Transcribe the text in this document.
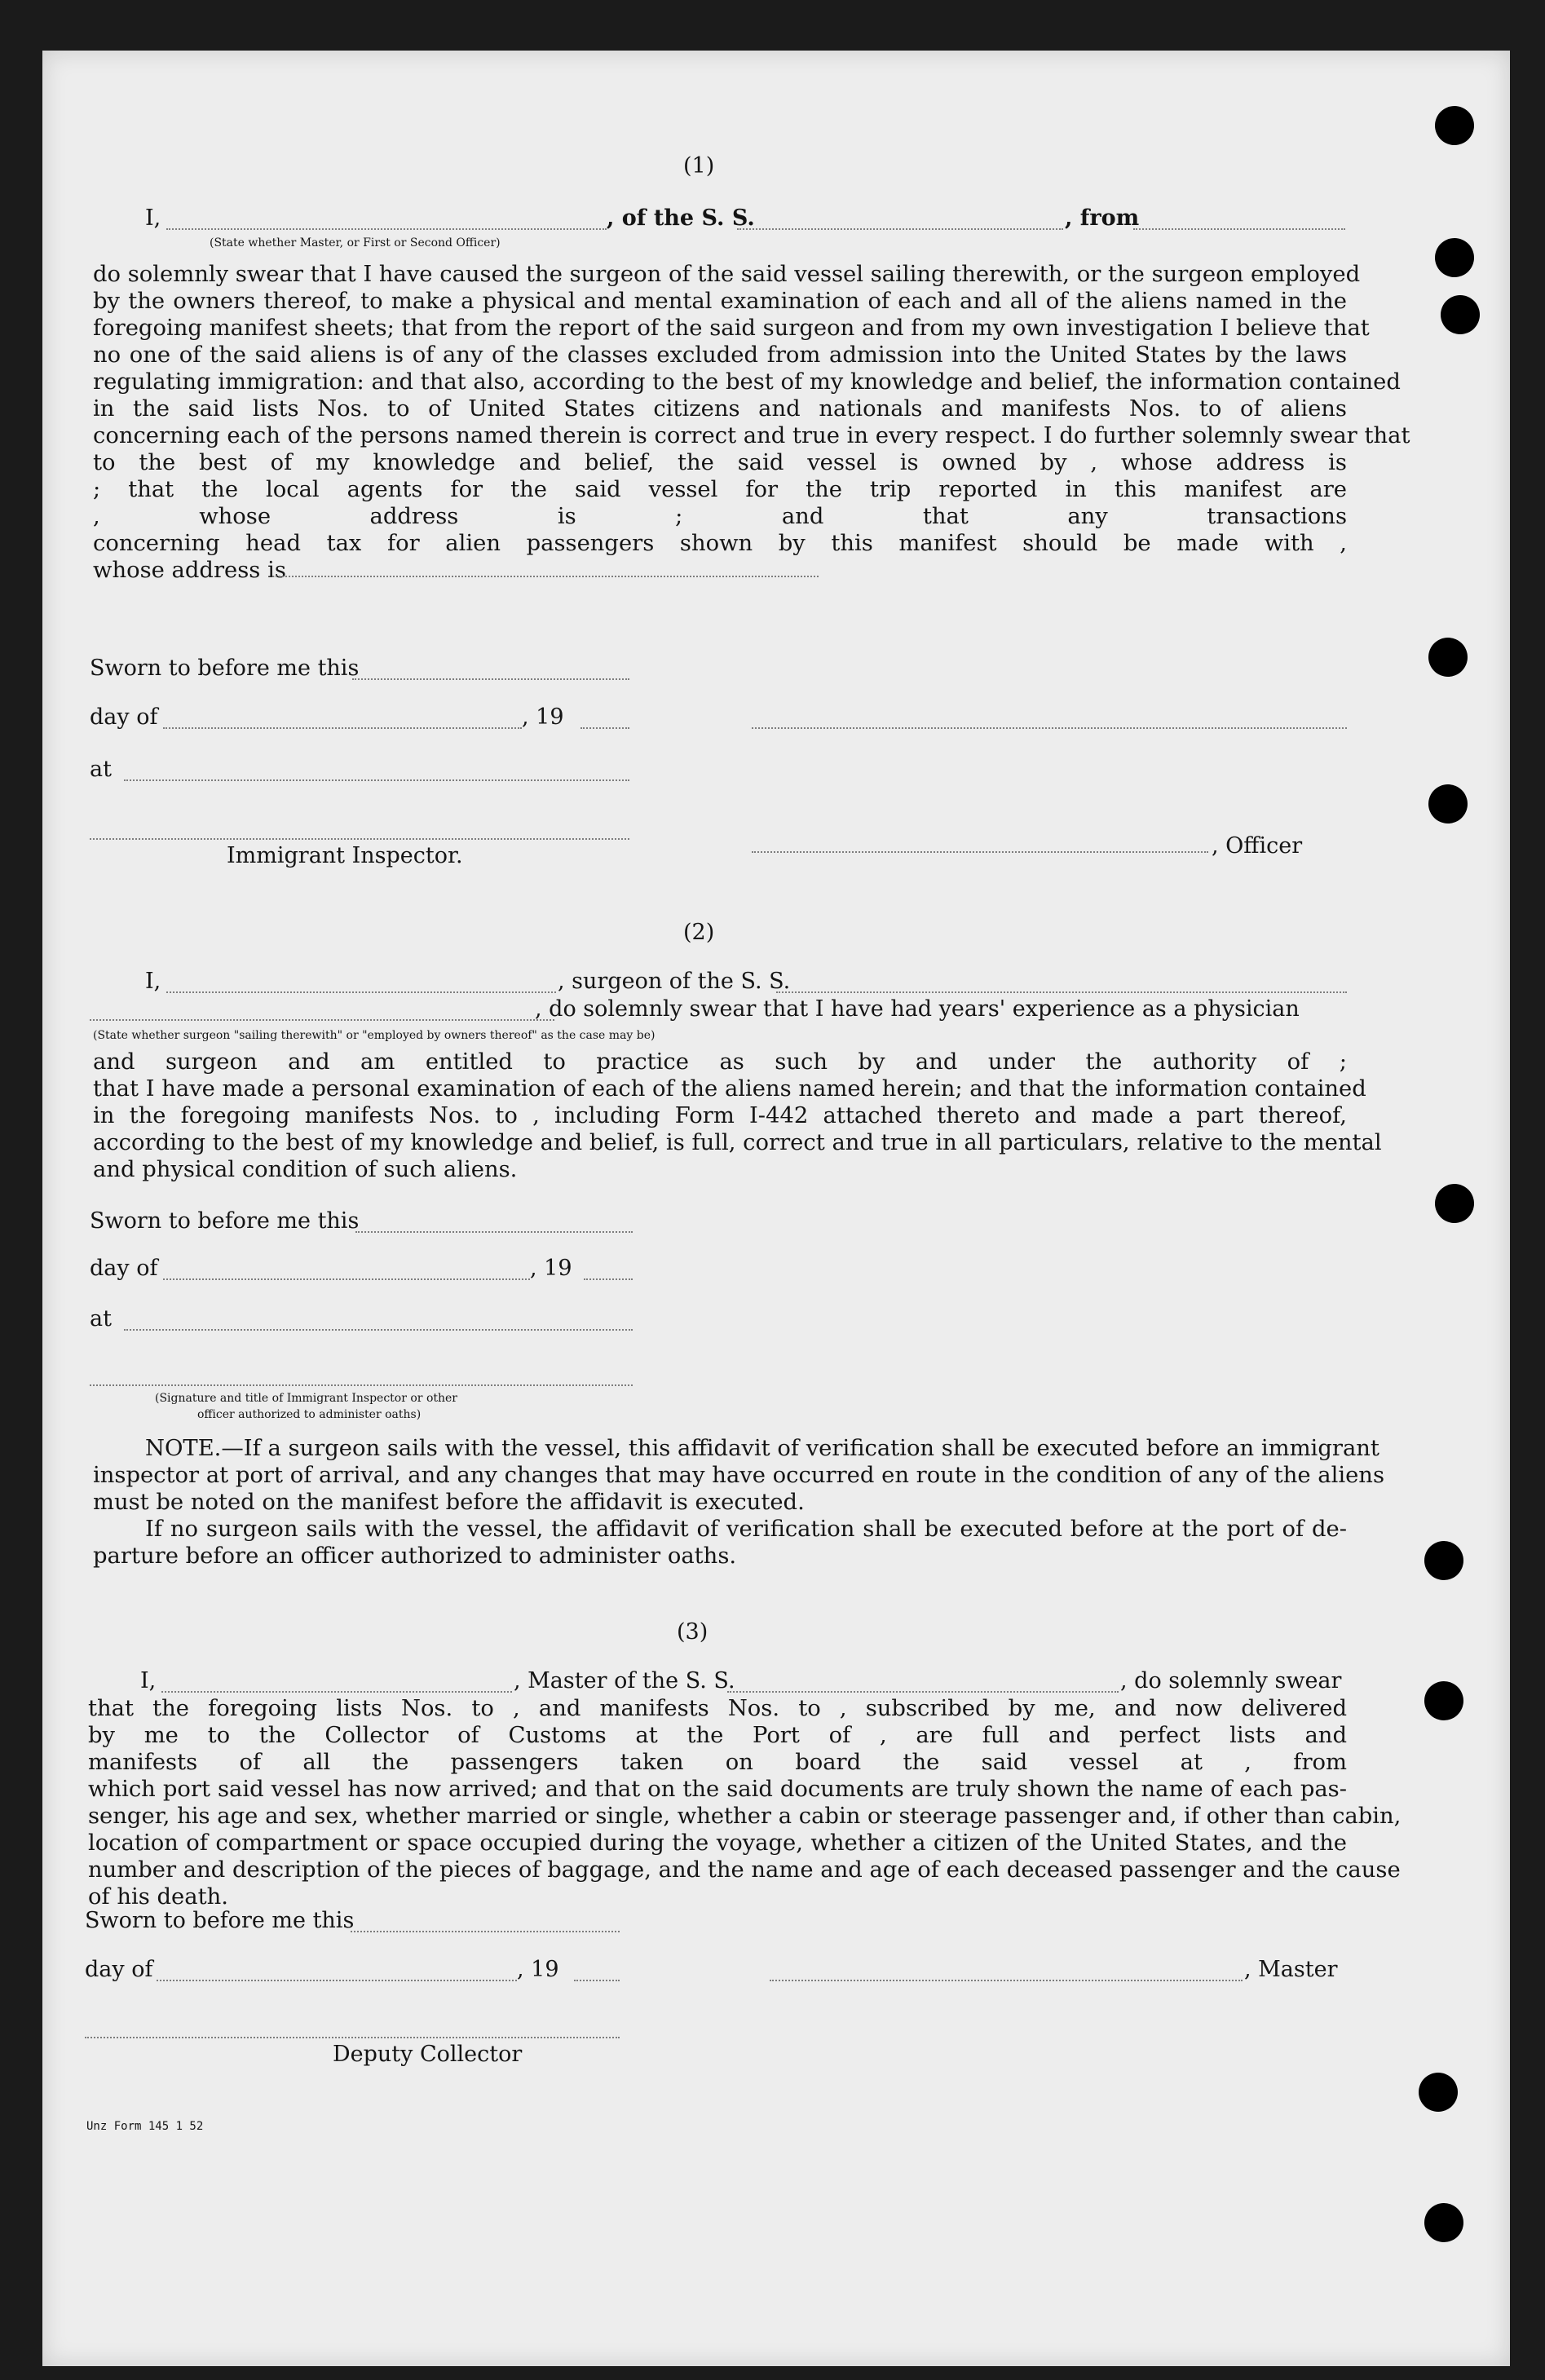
(1)
I,	, of the S. S.	, from
(State whether Master, or First or Second Officer)
do solemnly swear that I have caused the surgeon of the said vessel sailing therewith, or the surgeon employed
by the owners thereof, to make a physical and mental examination of each and all of the aliens named in the
foregoing manifest sheets; that from the report of the said surgeon and from my own investigation I believe that
no one of the said aliens is of any of the classes excluded from admission into the United States by the laws
regulating immigration: and that also, according to the best of my knowledge and belief, the information contained
in the said lists Nos. to of United States citizens and nationals and manifests Nos. to of aliens
concerning each of the persons named therein is correct and true in every respect. I do further solemnly swear that
to the best of my knowledge and belief, the said vessel is owned by , whose address is
; that the local agents for the said vessel for the trip reported in this manifest are
, whose address is ; and that any transactions
concerning head tax for alien passengers shown by this manifest should be made with ,
whose address is
Sworn to before me this
day of	, 19
at
Immigrant Inspector.	, Officer
(2)
I,	, surgeon of the S. S.
, do solemnly swear that I have had years' experience as a physician
(State whether surgeon "sailing therewith" or "employed by owners thereof" as the case may be)
and surgeon and am entitled to practice as such by and under the authority of ;
that I have made a personal examination of each of the aliens named herein; and that the information contained
in the foregoing manifests Nos. to , including Form I-442 attached thereto and made a part thereof,
according to the best of my knowledge and belief, is full, correct and true in all particulars, relative to the mental
and physical condition of such aliens.
Sworn to before me this
day of	, 19
at
(Signature and title of Immigrant Inspector or other
officer authorized to administer oaths)
NOTE.—If a surgeon sails with the vessel, this affidavit of verification shall be executed before an immigrant
inspector at port of arrival, and any changes that may have occurred en route in the condition of any of the aliens
must be noted on the manifest before the affidavit is executed.
If no surgeon sails with the vessel, the affidavit of verification shall be executed before at the port of de-
parture before an officer authorized to administer oaths.
(3)
I,	, Master of the S. S.	, do solemnly swear
that the foregoing lists Nos. to , and manifests Nos. to , subscribed by me, and now delivered
by me to the Collector of Customs at the Port of , are full and perfect lists and
manifests of all the passengers taken on board the said vessel at , from
which port said vessel has now arrived; and that on the said documents are truly shown the name of each pas-
senger, his age and sex, whether married or single, whether a cabin or steerage passenger and, if other than cabin,
location of compartment or space occupied during the voyage, whether a citizen of the United States, and the
number and description of the pieces of baggage, and the name and age of each deceased passenger and the cause
of his death.
Sworn to before me this
day of	, 19	, Master
Deputy Collector
Unz Form 145 1 52
